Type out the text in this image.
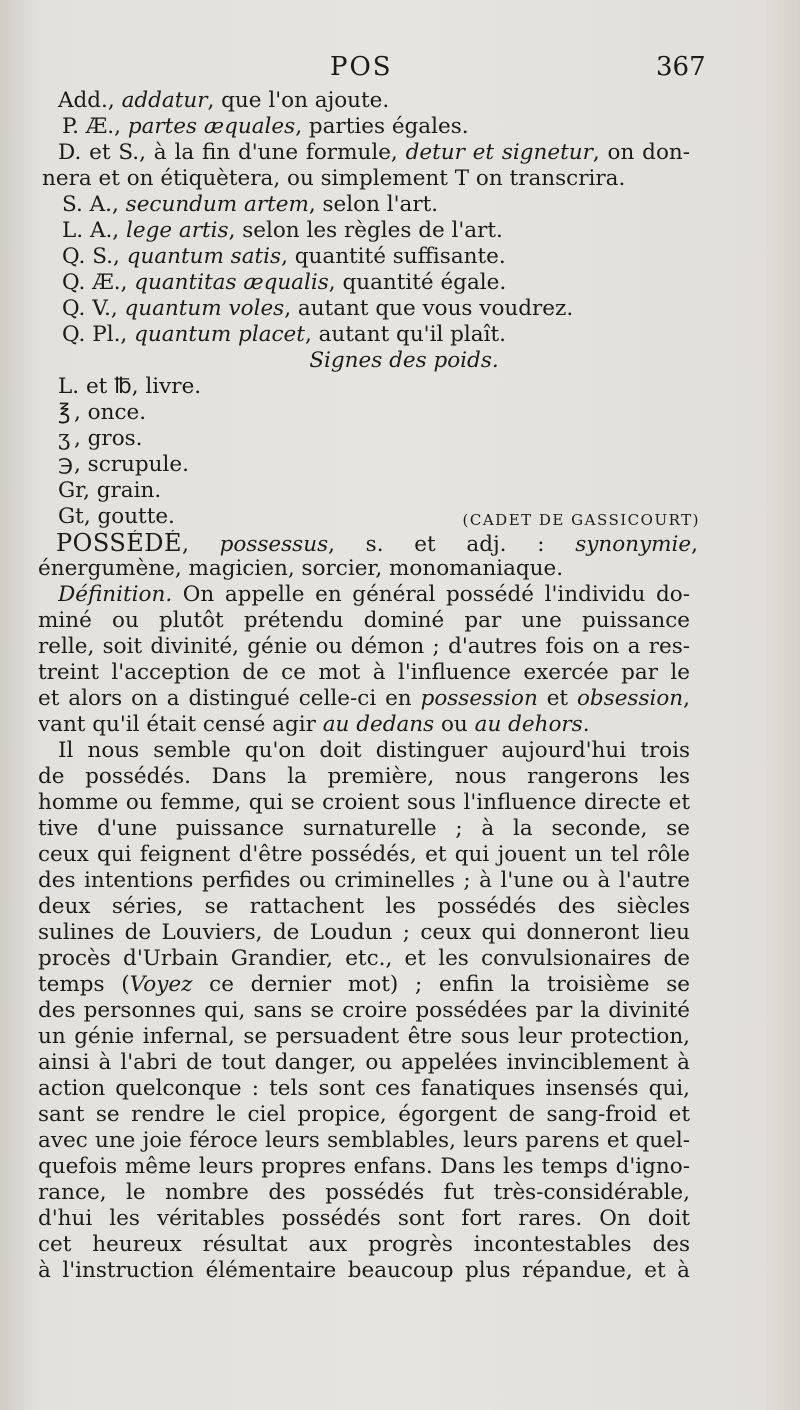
POS	367
Add., addatur, que l'on ajoute.
P. Æ., partes æquales, parties égales.
D. et S., à la fin d'une formule, detur et signetur, on don-
nera et on étiquètera, ou simplement T on transcrira.
S. A., secundum artem, selon l'art.
L. A., lege artis, selon les règles de l'art.
Q. S., quantum satis, quantité suffisante.
Q. Æ., quantitas æqualis, quantité égale.
Q. V., quantum voles, autant que vous voudrez.
Q. Pl., quantum placet, autant qu'il plaît.
Signes des poids.
L. et ℔, livre.
℥ , once.
ʒ , gros.
℈, scrupule.
Gr, grain.
Gt, goutte.	(CADET DE GASSICOURT)
POSSÉDÉ, possessus, s. et adj. : synonymie,
énergumène, magicien, sorcier, monomaniaque.
Définition. On appelle en général possédé l'individu do-
miné ou plutôt prétendu dominé par une puissance
relle, soit divinité, génie ou démon ; d'autres fois on a res-
treint l'acception de ce mot à l'influence exercée par le
et alors on a distingué celle-ci en possession et obsession,
vant qu'il était censé agir au dedans ou au dehors.
Il nous semble qu'on doit distinguer aujourd'hui trois
de possédés. Dans la première, nous rangerons les
homme ou femme, qui se croient sous l'influence directe et
tive d'une puissance surnaturelle ; à la seconde, se
ceux qui feignent d'être possédés, et qui jouent un tel rôle
des intentions perfides ou criminelles ; à l'une ou à l'autre
deux séries, se rattachent les possédés des siècles
sulines de Louviers, de Loudun ; ceux qui donneront lieu
procès d'Urbain Grandier, etc., et les convulsionaires de
temps (Voyez ce dernier mot) ; enfin la troisième se
des personnes qui, sans se croire possédées par la divinité
un génie infernal, se persuadent être sous leur protection,
ainsi à l'abri de tout danger, ou appelées invinciblement à
action quelconque : tels sont ces fanatiques insensés qui,
sant se rendre le ciel propice, égorgent de sang-froid et
avec une joie féroce leurs semblables, leurs parens et quel-
quefois même leurs propres enfans. Dans les temps d'igno-
rance, le nombre des possédés fut très-considérable,
d'hui les véritables possédés sont fort rares. On doit
cet heureux résultat aux progrès incontestables des
à l'instruction élémentaire beaucoup plus répandue, et à
